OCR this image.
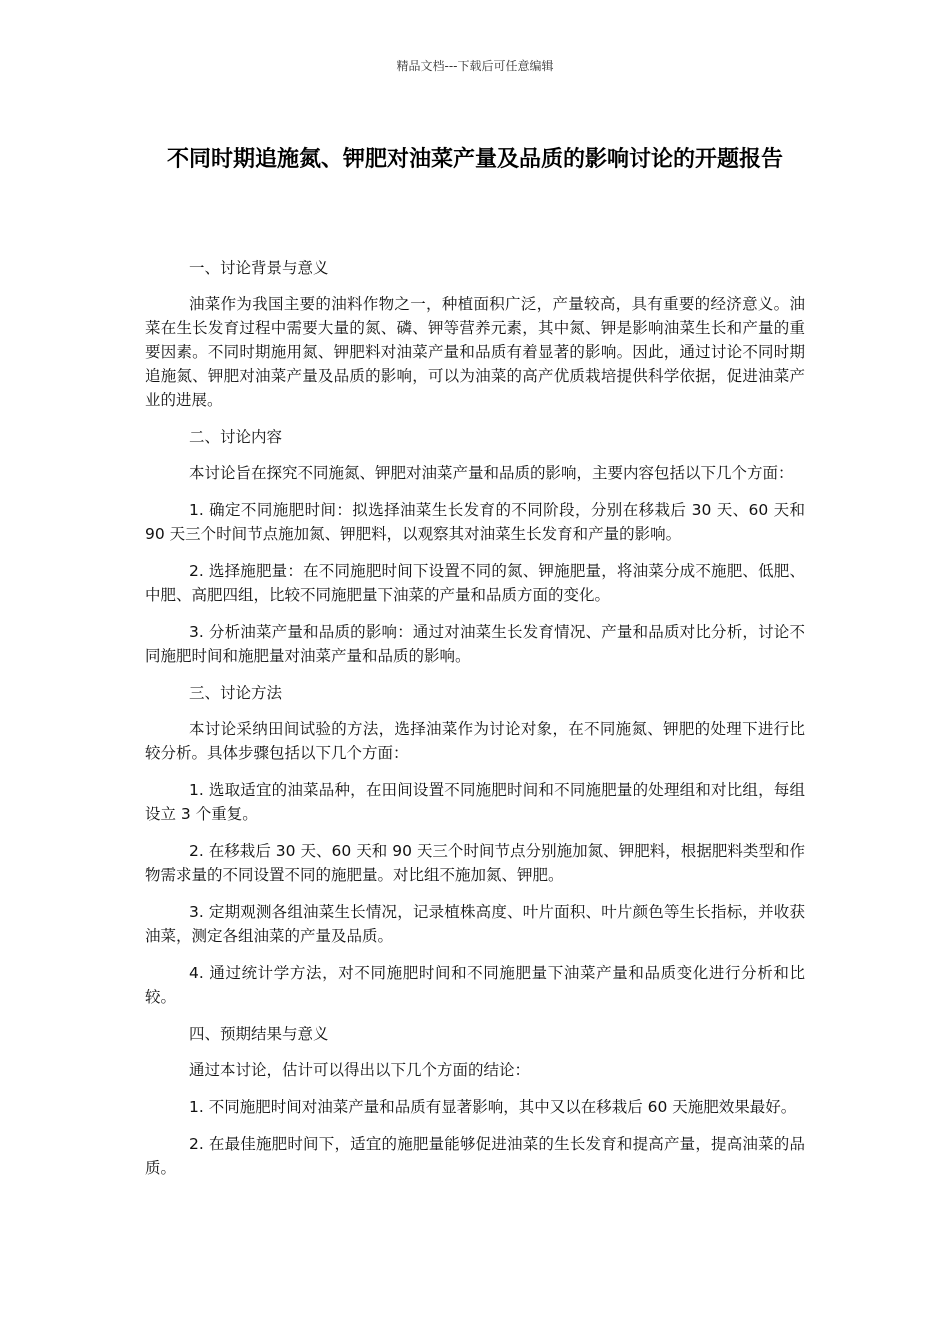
精品文档---下载后可任意编辑
不同时期追施氮、钾肥对油菜产量及品质的影响讨论的开题报告

一、讨论背景与意义

油菜作为我国主要的油料作物之一，种植面积广泛，产量较高，具有重要的经济意义。油菜在生长发育过程中需要大量的氮、磷、钾等营养元素，其中氮、钾是影响油菜生长和产量的重要因素。不同时期施用氮、钾肥料对油菜产量和品质有着显著的影响。因此，通过讨论不同时期追施氮、钾肥对油菜产量及品质的影响，可以为油菜的高产优质栽培提供科学依据，促进油菜产业的进展。

二、讨论内容

本讨论旨在探究不同施氮、钾肥对油菜产量和品质的影响，主要内容包括以下几个方面：

1. 确定不同施肥时间：拟选择油菜生长发育的不同阶段，分别在移栽后 30 天、60 天和 90 天三个时间节点施加氮、钾肥料，以观察其对油菜生长发育和产量的影响。

2. 选择施肥量：在不同施肥时间下设置不同的氮、钾施肥量，将油菜分成不施肥、低肥、中肥、高肥四组，比较不同施肥量下油菜的产量和品质方面的变化。

3. 分析油菜产量和品质的影响：通过对油菜生长发育情况、产量和品质对比分析，讨论不同施肥时间和施肥量对油菜产量和品质的影响。

三、讨论方法

本讨论采纳田间试验的方法，选择油菜作为讨论对象，在不同施氮、钾肥的处理下进行比较分析。具体步骤包括以下几个方面：

1. 选取适宜的油菜品种，在田间设置不同施肥时间和不同施肥量的处理组和对比组，每组设立 3 个重复。

2. 在移栽后 30 天、60 天和 90 天三个时间节点分别施加氮、钾肥料，根据肥料类型和作物需求量的不同设置不同的施肥量。对比组不施加氮、钾肥。

3. 定期观测各组油菜生长情况，记录植株高度、叶片面积、叶片颜色等生长指标，并收获油菜，测定各组油菜的产量及品质。

4. 通过统计学方法，对不同施肥时间和不同施肥量下油菜产量和品质变化进行分析和比较。

四、预期结果与意义

通过本讨论，估计可以得出以下几个方面的结论：

1. 不同施肥时间对油菜产量和品质有显著影响，其中又以在移栽后 60 天施肥效果最好。

2. 在最佳施肥时间下，适宜的施肥量能够促进油菜的生长发育和提高产量，提高油菜的品质。
